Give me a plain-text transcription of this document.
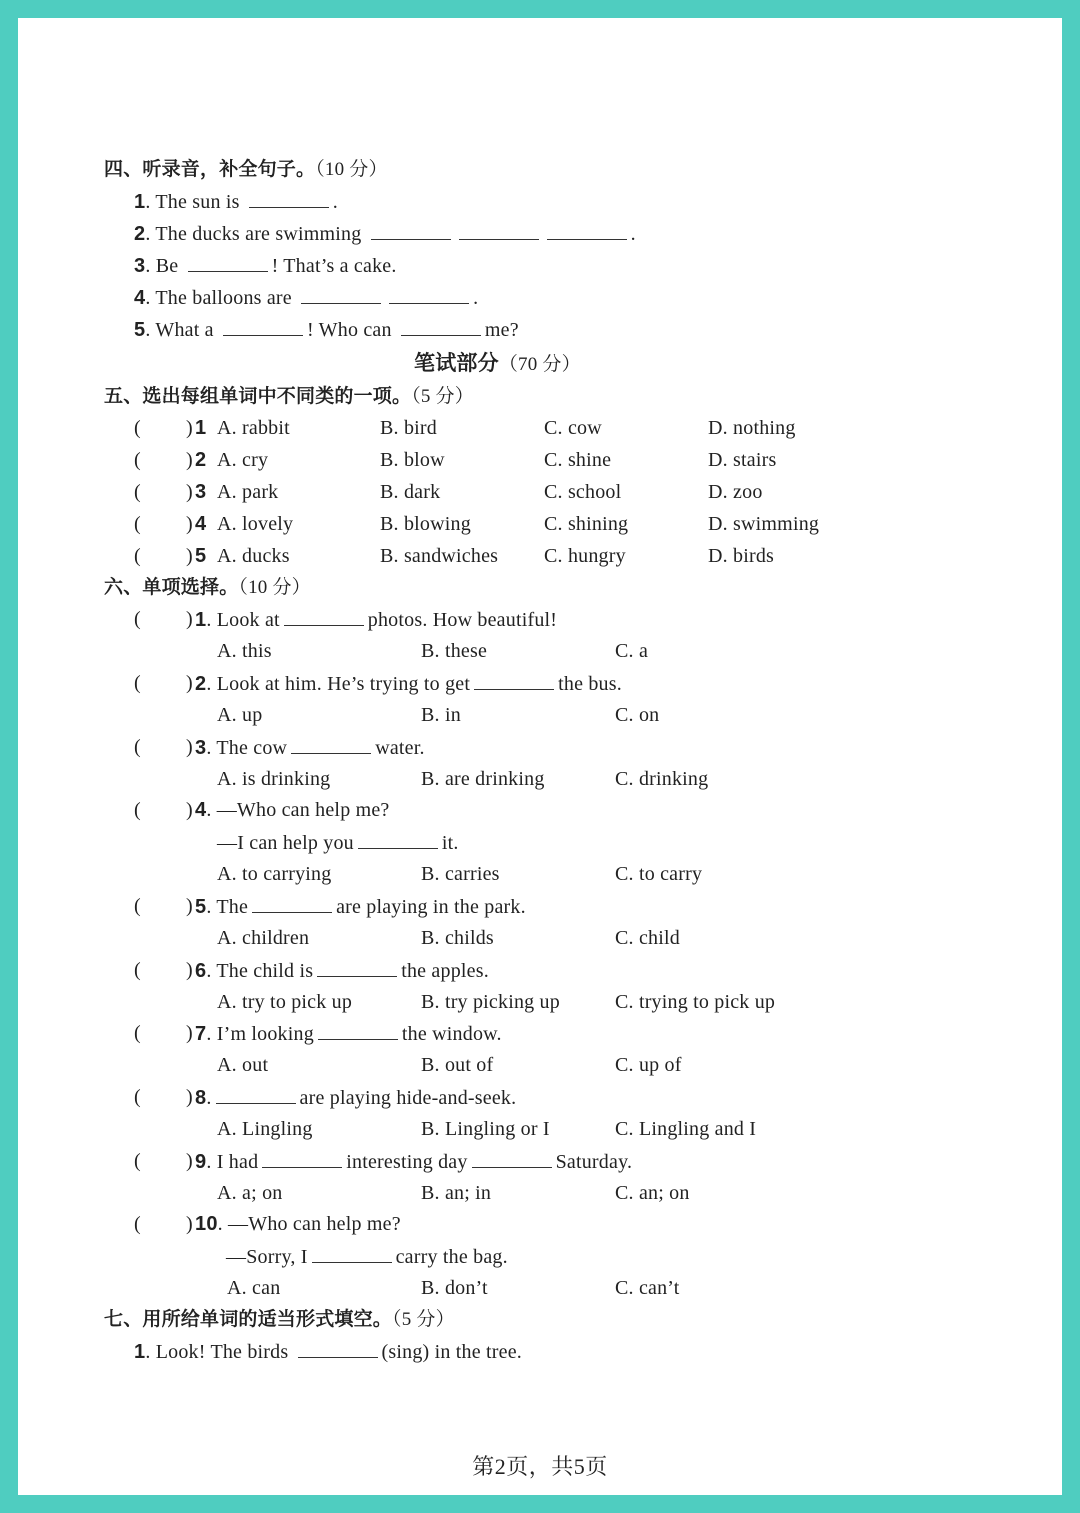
四、听录音，补全句子。（10 分）
1. The sun is	.
2. The ducks are swimming	.
3. Be	! That’s a cake.
4. The balloons are	.
5. What a	! Who can	me?
笔试部分（70 分）
五、选出每组单词中不同类的一项。（5 分）
( ) 1 A. rabbit	B. bird	C. cow	D. nothing
( ) 2 A. cry	B. blow	C. shine	D. stairs
( ) 3 A. park	B. dark	C. school	D. zoo
( ) 4 A. lovely	B. blowing	C. shining	D. swimming
( ) 5 A. ducks	B. sandwiches C. hungry	D. birds
六、单项选择。（10 分）
( ) 1. Look at	photos. How beautiful!
A. this	B. these	C. a
( ) 2. Look at him. He’s trying to get	the bus.
A. up	B. in	C. on
( ) 3. The cow	water.
A. is drinking	B. are drinking	C. drinking
( ) 4. —Who can help me?
—I can help you	it.
A. to carrying	B. carries	C. to carry
( ) 5. The	are playing in the park.
A. children	B. childs	C. child
( ) 6. The child is	the apples.
A. try to pick up	B. try picking up	C. trying to pick up
( ) 7. I’m looking	the window.
A. out	B. out of	C. up of
( ) 8.	are playing hide-and-seek.
A. Lingling	B. Lingling or I	C. Lingling and I
( ) 9. I had	interesting day	Saturday.
A. a; on	B. an; in	C. an; on
( ) 10. —Who can help me?
—Sorry, I	carry the bag.
A. can	B. don’t	C. can’t
七、用所给单词的适当形式填空。（5 分）
1. Look! The birds	(sing) in the tree.
第2页，共5页
